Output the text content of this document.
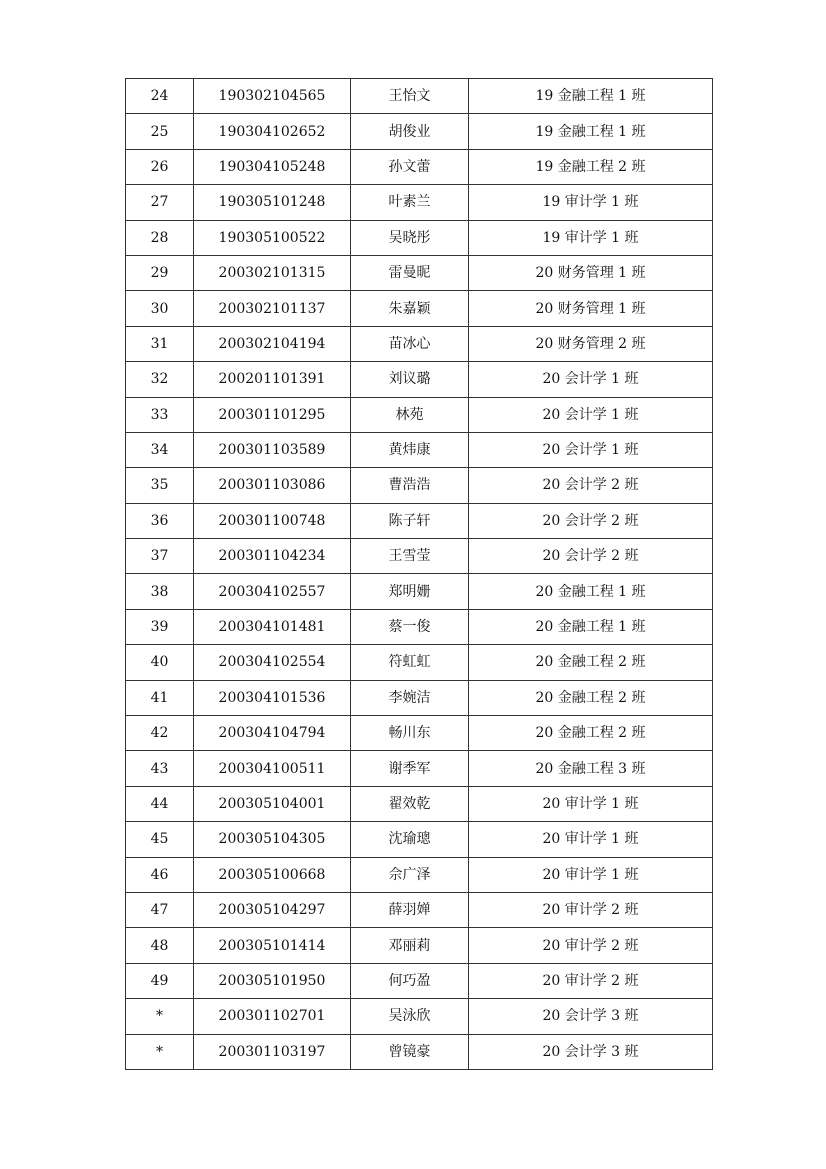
24	190302104565	王怡文	19 金融工程 1 班
25	190304102652	胡俊业	19 金融工程 1 班
26	190304105248	孙文蕾	19 金融工程 2 班
27	190305101248	叶素兰	19 审计学 1 班
28	190305100522	吴晓彤	19 审计学 1 班
29	200302101315	雷曼昵	20 财务管理 1 班
30	200302101137	朱嘉颖	20 财务管理 1 班
31	200302104194	苗冰心	20 财务管理 2 班
32	200201101391	刘议璐	20 会计学 1 班
33	200301101295	林苑	20 会计学 1 班
34	200301103589	黄炜康	20 会计学 1 班
35	200301103086	曹浩浩	20 会计学 2 班
36	200301100748	陈子轩	20 会计学 2 班
37	200301104234	王雪莹	20 会计学 2 班
38	200304102557	郑明姗	20 金融工程 1 班
39	200304101481	蔡一俊	20 金融工程 1 班
40	200304102554	符虹虹	20 金融工程 2 班
41	200304101536	李婉洁	20 金融工程 2 班
42	200304104794	畅川东	20 金融工程 2 班
43	200304100511	谢季军	20 金融工程 3 班
44	200305104001	翟效乾	20 审计学 1 班
45	200305104305	沈瑜璁	20 审计学 1 班
46	200305100668	佘广泽	20 审计学 1 班
47	200305104297	薛羽婵	20 审计学 2 班
48	200305101414	邓丽莉	20 审计学 2 班
49	200305101950	何巧盈	20 审计学 2 班
*	200301102701	吴泳欣	20 会计学 3 班
*	200301103197	曾镜豪	20 会计学 3 班
